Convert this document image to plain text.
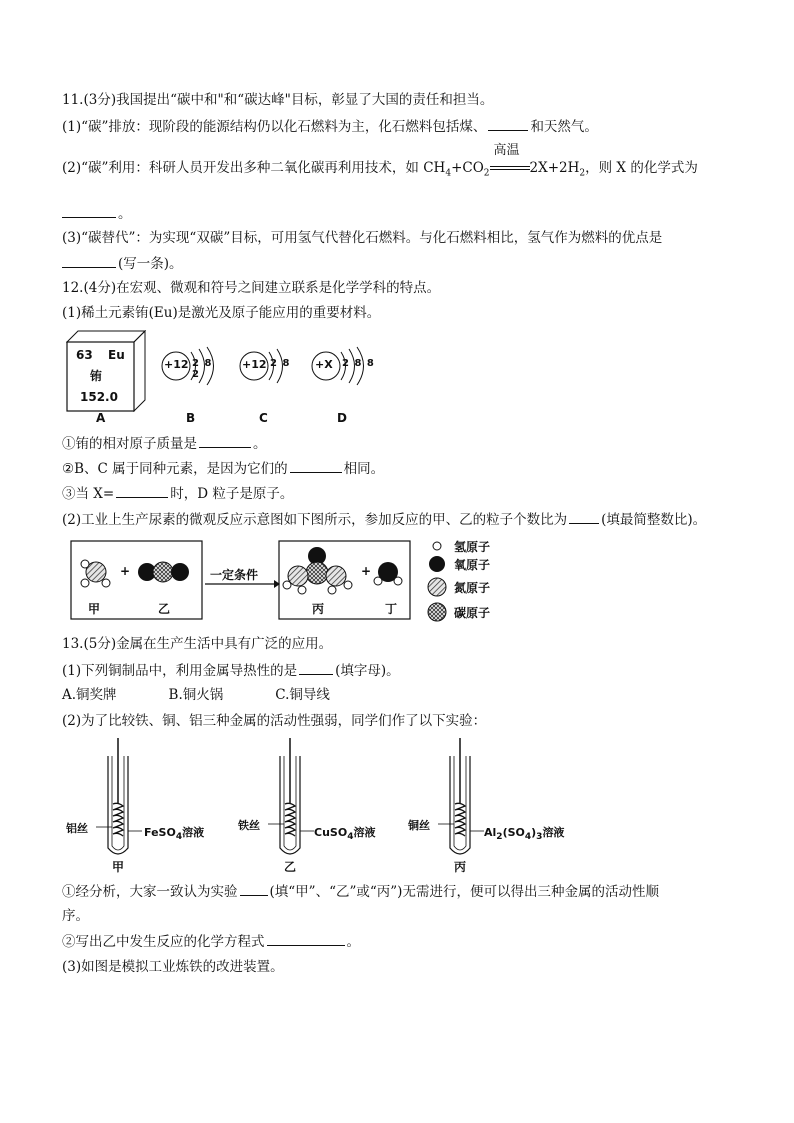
11.(3分)我国提出“碳中和"和“碳达峰"目标，彰显了大国的责任和担当。
(1)“碳”排放：现阶段的能源结构仍以化石燃料为主，化石燃料包括煤、	和天然气。
(2)“碳”利用：科研人员开发出多种二氧化碳再利用技术，如 $CH_4+CO_2$
高温
$2X+2H_2$，则 X 的化学式为
。
(3)“碳替代”：为实现“双碳”目标，可用氢气代替化石燃料。与化石燃料相比，氢气作为燃料的优点是
(写一条)。
12.(4分)在宏观、微观和符号之间建立联系是化学学科的特点。
(1)稀土元素铕(Eu)是激光及原子能应用的重要材料。
63 Eu
铕
152.0
A
+12 2 8 2
B
+12 2 8
C
+X 2 8 8
D
①铕的相对原子质量是	。
②B、C 属于同种元素，是因为它们的	相同。
③当 X=	时，D 粒子是原子。
(2)工业上生产尿素的微观反应示意图如下图所示，参加反应的甲、乙的粒子个数比为	(填最简整数比)。
+	+
一定条件
甲	乙	丙	丁
氢原子
氧原子
氮原子
碳原子
13.(5分)金属在生产生活中具有广泛的应用。
(1)下列铜制品中，利用金属导热性的是	(填字母)。
A.铜奖牌	B.铜火锅	C.铜导线
(2)为了比较铁、铜、铝三种金属的活动性强弱，同学们作了以下实验：
铝丝	FeSO$_4$溶液
甲
铁丝
CuSO$_4$溶液
乙
铜丝
$Al_2(SO_4)_3$溶液
丙
①经分析，大家一致认为实验 (填“甲”、“乙”或“丙”)无需进行，便可以得出三种金属的活动性顺
序。
②写出乙中发生反应的化学方程式	。
(3)如图是模拟工业炼铁的改进装置。
